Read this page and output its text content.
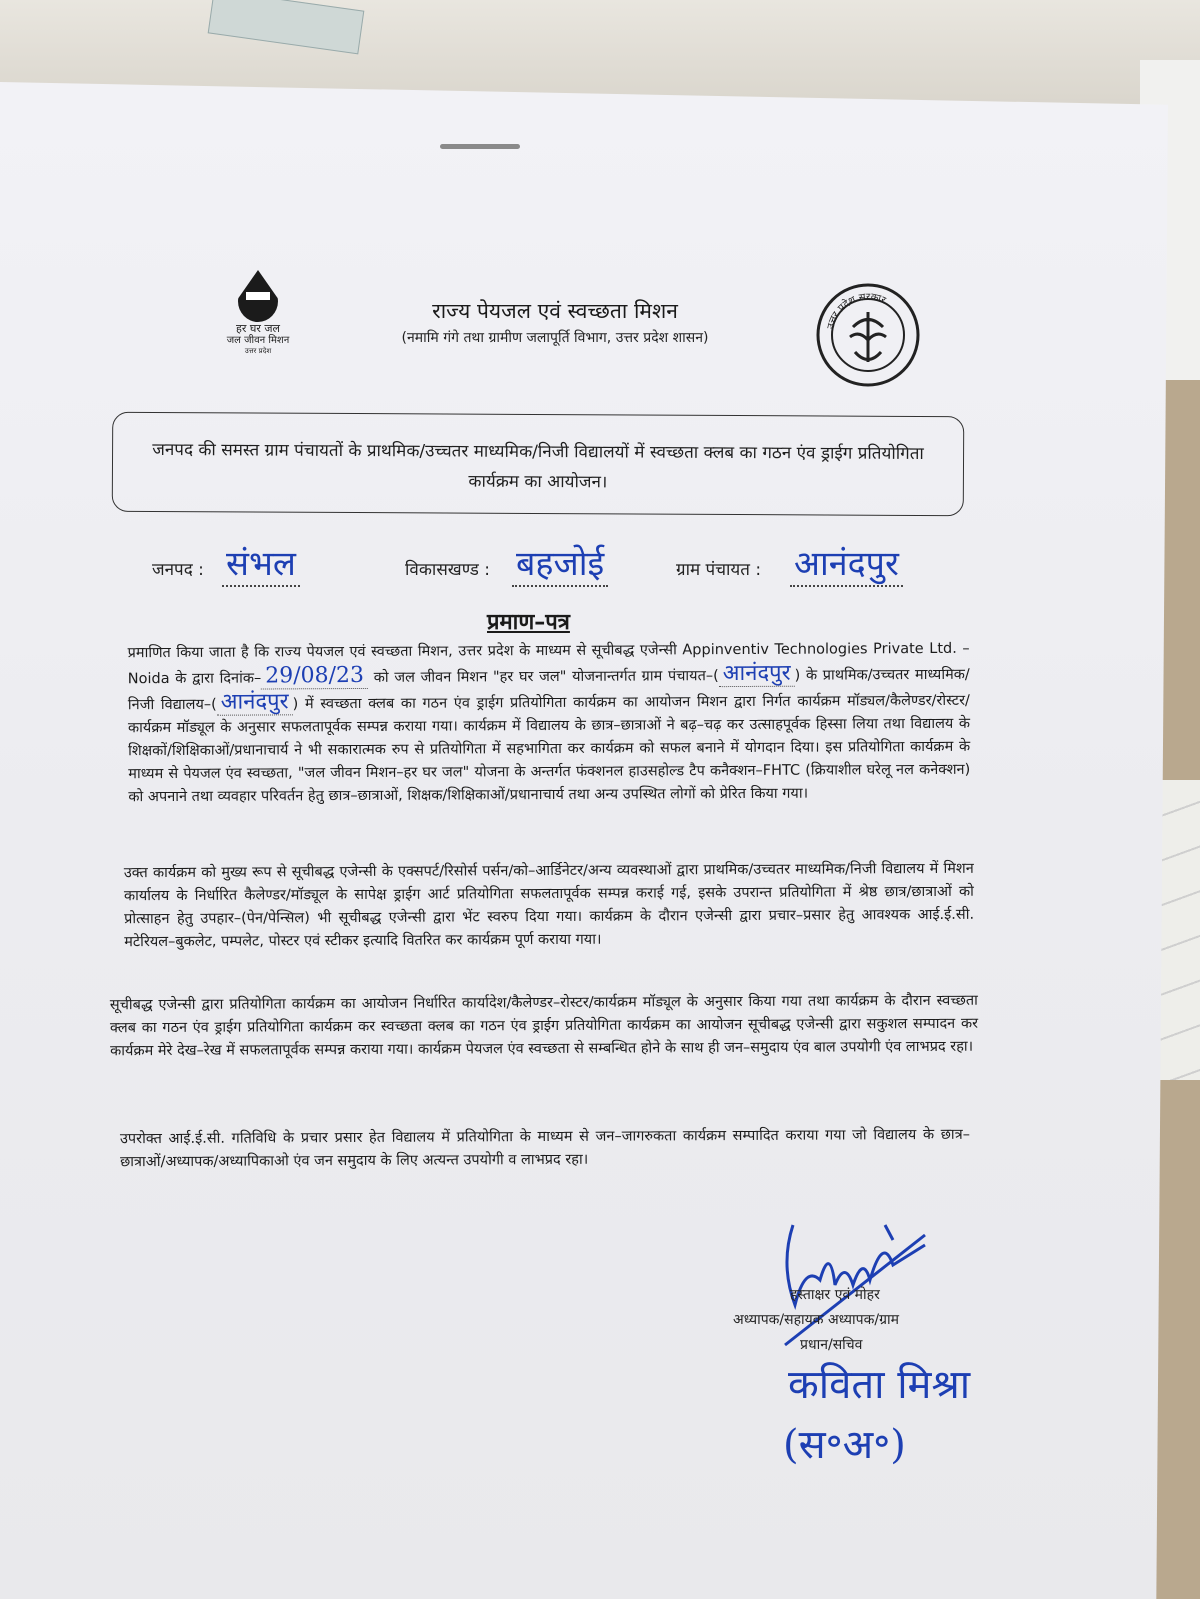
हर घर जल
जल जीवन मिशन
उत्तर प्रदेश
उत्तर प्रदेश सरकार
राज्य पेयजल एवं स्वच्छता मिशन
(नमामि गंगे तथा ग्रामीण जलापूर्ति विभाग, उत्तर प्रदेश शासन)
जनपद की समस्त ग्राम पंचायतों के प्राथमिक/उच्चतर माध्यमिक/निजी विद्यालयों में स्वच्छता क्लब का गठन एंव ड्राईग प्रतियोगिता कार्यक्रम का आयोजन।
जनपद : संभल	विकासखण्ड : बहजोई	ग्राम पंचायत : आनंदपुर
प्रमाण–पत्र
प्रमाणित किया जाता है कि राज्य पेयजल एवं स्वच्छता मिशन, उत्तर प्रदेश के माध्यम से सूचीबद्ध एजेन्सी Appinventiv Technologies Private Ltd. – Noida के द्वारा दिनांक– 29/08/23 को जल जीवन मिशन "हर घर जल" योजनान्तर्गत ग्राम पंचायत–( आनंदपुर ) के प्राथमिक/उच्चतर माध्यमिक/निजी विद्यालय–( आनंदपुर ) में स्वच्छता क्लब का गठन एंव ड्राईग प्रतियोगिता कार्यक्रम का आयोजन मिशन द्वारा निर्गत कार्यक्रम मॉड्यल/कैलेण्डर/रोस्टर/कार्यक्रम मॉड्यूल के अनुसार सफलतापूर्वक सम्पन्न कराया गया। कार्यक्रम में विद्यालय के छात्र–छात्राओं ने बढ़–चढ़ कर उत्साहपूर्वक हिस्सा लिया तथा विद्यालय के शिक्षकों/शिक्षिकाओं/प्रधानाचार्य ने भी सकारात्मक रुप से प्रतियोगिता में सहभागिता कर कार्यक्रम को सफल बनाने में योगदान दिया। इस प्रतियोगिता कार्यक्रम के माध्यम से पेयजल एंव स्वच्छता, "जल जीवन मिशन–हर घर जल" योजना के अन्तर्गत फंक्शनल हाउसहोल्ड टैप कनैक्शन–FHTC (क्रियाशील घरेलू नल कनेक्शन) को अपनाने तथा व्यवहार परिवर्तन हेतु छात्र–छात्राओं, शिक्षक/शिक्षिकाओं/प्रधानाचार्य तथा अन्य उपस्थित लोगों को प्रेरित किया गया।
उक्त कार्यक्रम को मुख्य रूप से सूचीबद्ध एजेन्सी के एक्सपर्ट/रिसोर्स पर्सन/को–आर्डिनेटर/अन्य व्यवस्थाओं द्वारा प्राथमिक/उच्चतर माध्यमिक/निजी विद्यालय में मिशन कार्यालय के निर्धारित कैलेण्डर/मॉड्यूल के सापेक्ष ड्राईग आर्ट प्रतियोगिता सफलतापूर्वक सम्पन्न कराई गई, इसके उपरान्त प्रतियोगिता में श्रेष्ठ छात्र/छात्राओं को प्रोत्साहन हेतु उपहार–(पेन/पेन्सिल) भी सूचीबद्ध एजेन्सी द्वारा भेंट स्वरुप दिया गया। कार्यक्रम के दौरान एजेन्सी द्वारा प्रचार–प्रसार हेतु आवश्यक आई.ई.सी. मटेरियल–बुकलेट, पम्पलेट, पोस्टर एवं स्टीकर इत्यादि वितरित कर कार्यक्रम पूर्ण कराया गया।
सूचीबद्ध एजेन्सी द्वारा प्रतियोगिता कार्यक्रम का आयोजन निर्धारित कार्यादेश/कैलेण्डर–रोस्टर/कार्यक्रम मॉड्यूल के अनुसार किया गया तथा कार्यक्रम के दौरान स्वच्छता क्लब का गठन एंव ड्राईग प्रतियोगिता कार्यक्रम कर स्वच्छता क्लब का गठन एंव ड्राईग प्रतियोगिता कार्यक्रम का आयोजन सूचीबद्ध एजेन्सी द्वारा सकुशल सम्पादन कर कार्यक्रम मेरे देख–रेख में सफलतापूर्वक सम्पन्न कराया गया। कार्यक्रम पेयजल एंव स्वच्छता से सम्बन्धित होने के साथ ही जन–समुदाय एंव बाल उपयोगी एंव लाभप्रद रहा।
उपरोक्त आई.ई.सी. गतिविधि के प्रचार प्रसार हेत विद्यालय में प्रतियोगिता के माध्यम से जन–जागरुकता कार्यक्रम सम्पादित कराया गया जो विद्यालय के छात्र–छात्राओं/अध्यापक/अध्यापिकाओ एंव जन समुदाय के लिए अत्यन्त उपयोगी व लाभप्रद रहा।
हस्ताक्षर एवं मोहर
अध्यापक/सहायक अध्यापक/ग्राम
प्रधान/सचिव
कविता मिश्रा
(स॰अ॰)
